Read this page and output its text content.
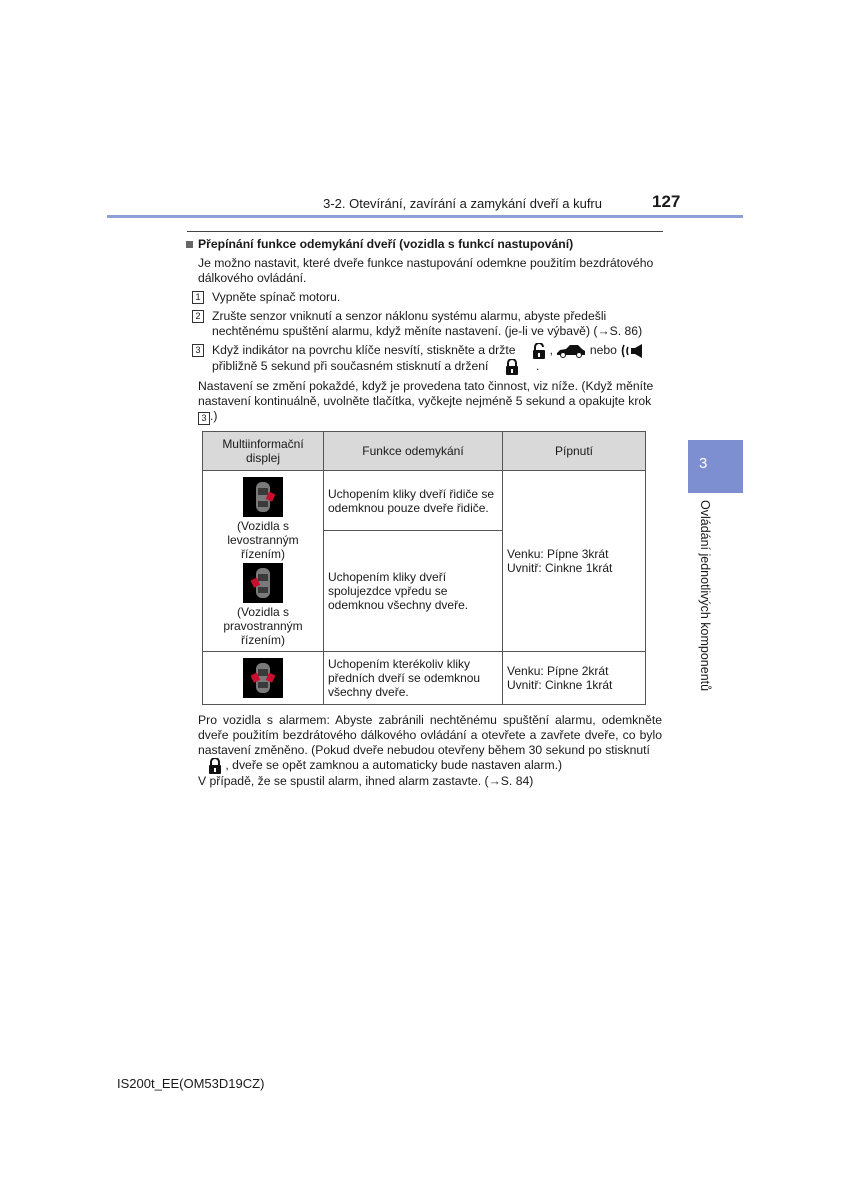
3-2. Otevírání, zavírání a zamykání dveří a kufru	127
3
Ovládání jednotlivých komponentů
Přepínání funkce odemykání dveří (vozidla s funkcí nastupování)

Je možno nastavit, které dveře funkce nastupování odemkne použitím bezdrátového dálkového ovládání.

1 Vypněte spínač motoru.
2 Zrušte senzor vniknutí a senzor náklonu systému alarmu, abyste předešli nechtěnému spuštění alarmu, když měníte nastavení. (je-li ve výbavě) (→S. 86)
3 Když indikátor na povrchu klíče nesvítí, stiskněte a držte	,	nebo
přibližně 5 sekund při současném stisknutí a držení	.

Nastavení se změní pokaždé, když je provedena tato činnost, viz níže. (Když měníte nastavení kontinuálně, uvolněte tlačítka, vyčkejte nejméně 5 sekund a opakujte krok 3 .)

Multiinformační displej	Funkce odemykání	Pípnutí

(Vozidla s levostranným řízením)
(Vozidla s pravostranným řízením)	Uchopením kliky dveří řidiče se odemknou pouze dveře řidiče.	Venku: Pípne 3krát Uvnitř: Cinkne 1krát
	Uchopením kliky dveří spolujezdce vpředu se odemknou všechny dveře.	

	Uchopením kterékoliv kliky předních dveří se odemknou všechny dveře.	Venku: Pípne 2krát Uvnitř: Cinkne 1krát

Pro vozidla s alarmem: Abyste zabránili nechtěnému spuštění alarmu, odemkněte dveře použitím bezdrátového dálkového ovládání a otevřete a zavřete dveře, co bylo nastavení změněno. (Pokud dveře nebudou otevřeny během 30 sekund po stisknutí
, dveře se opět zamknou a automaticky bude nastaven alarm.)

V případě, že se spustil alarm, ihned alarm zastavte. (→S. 84)

IS200t_EE(OM53D19CZ)
